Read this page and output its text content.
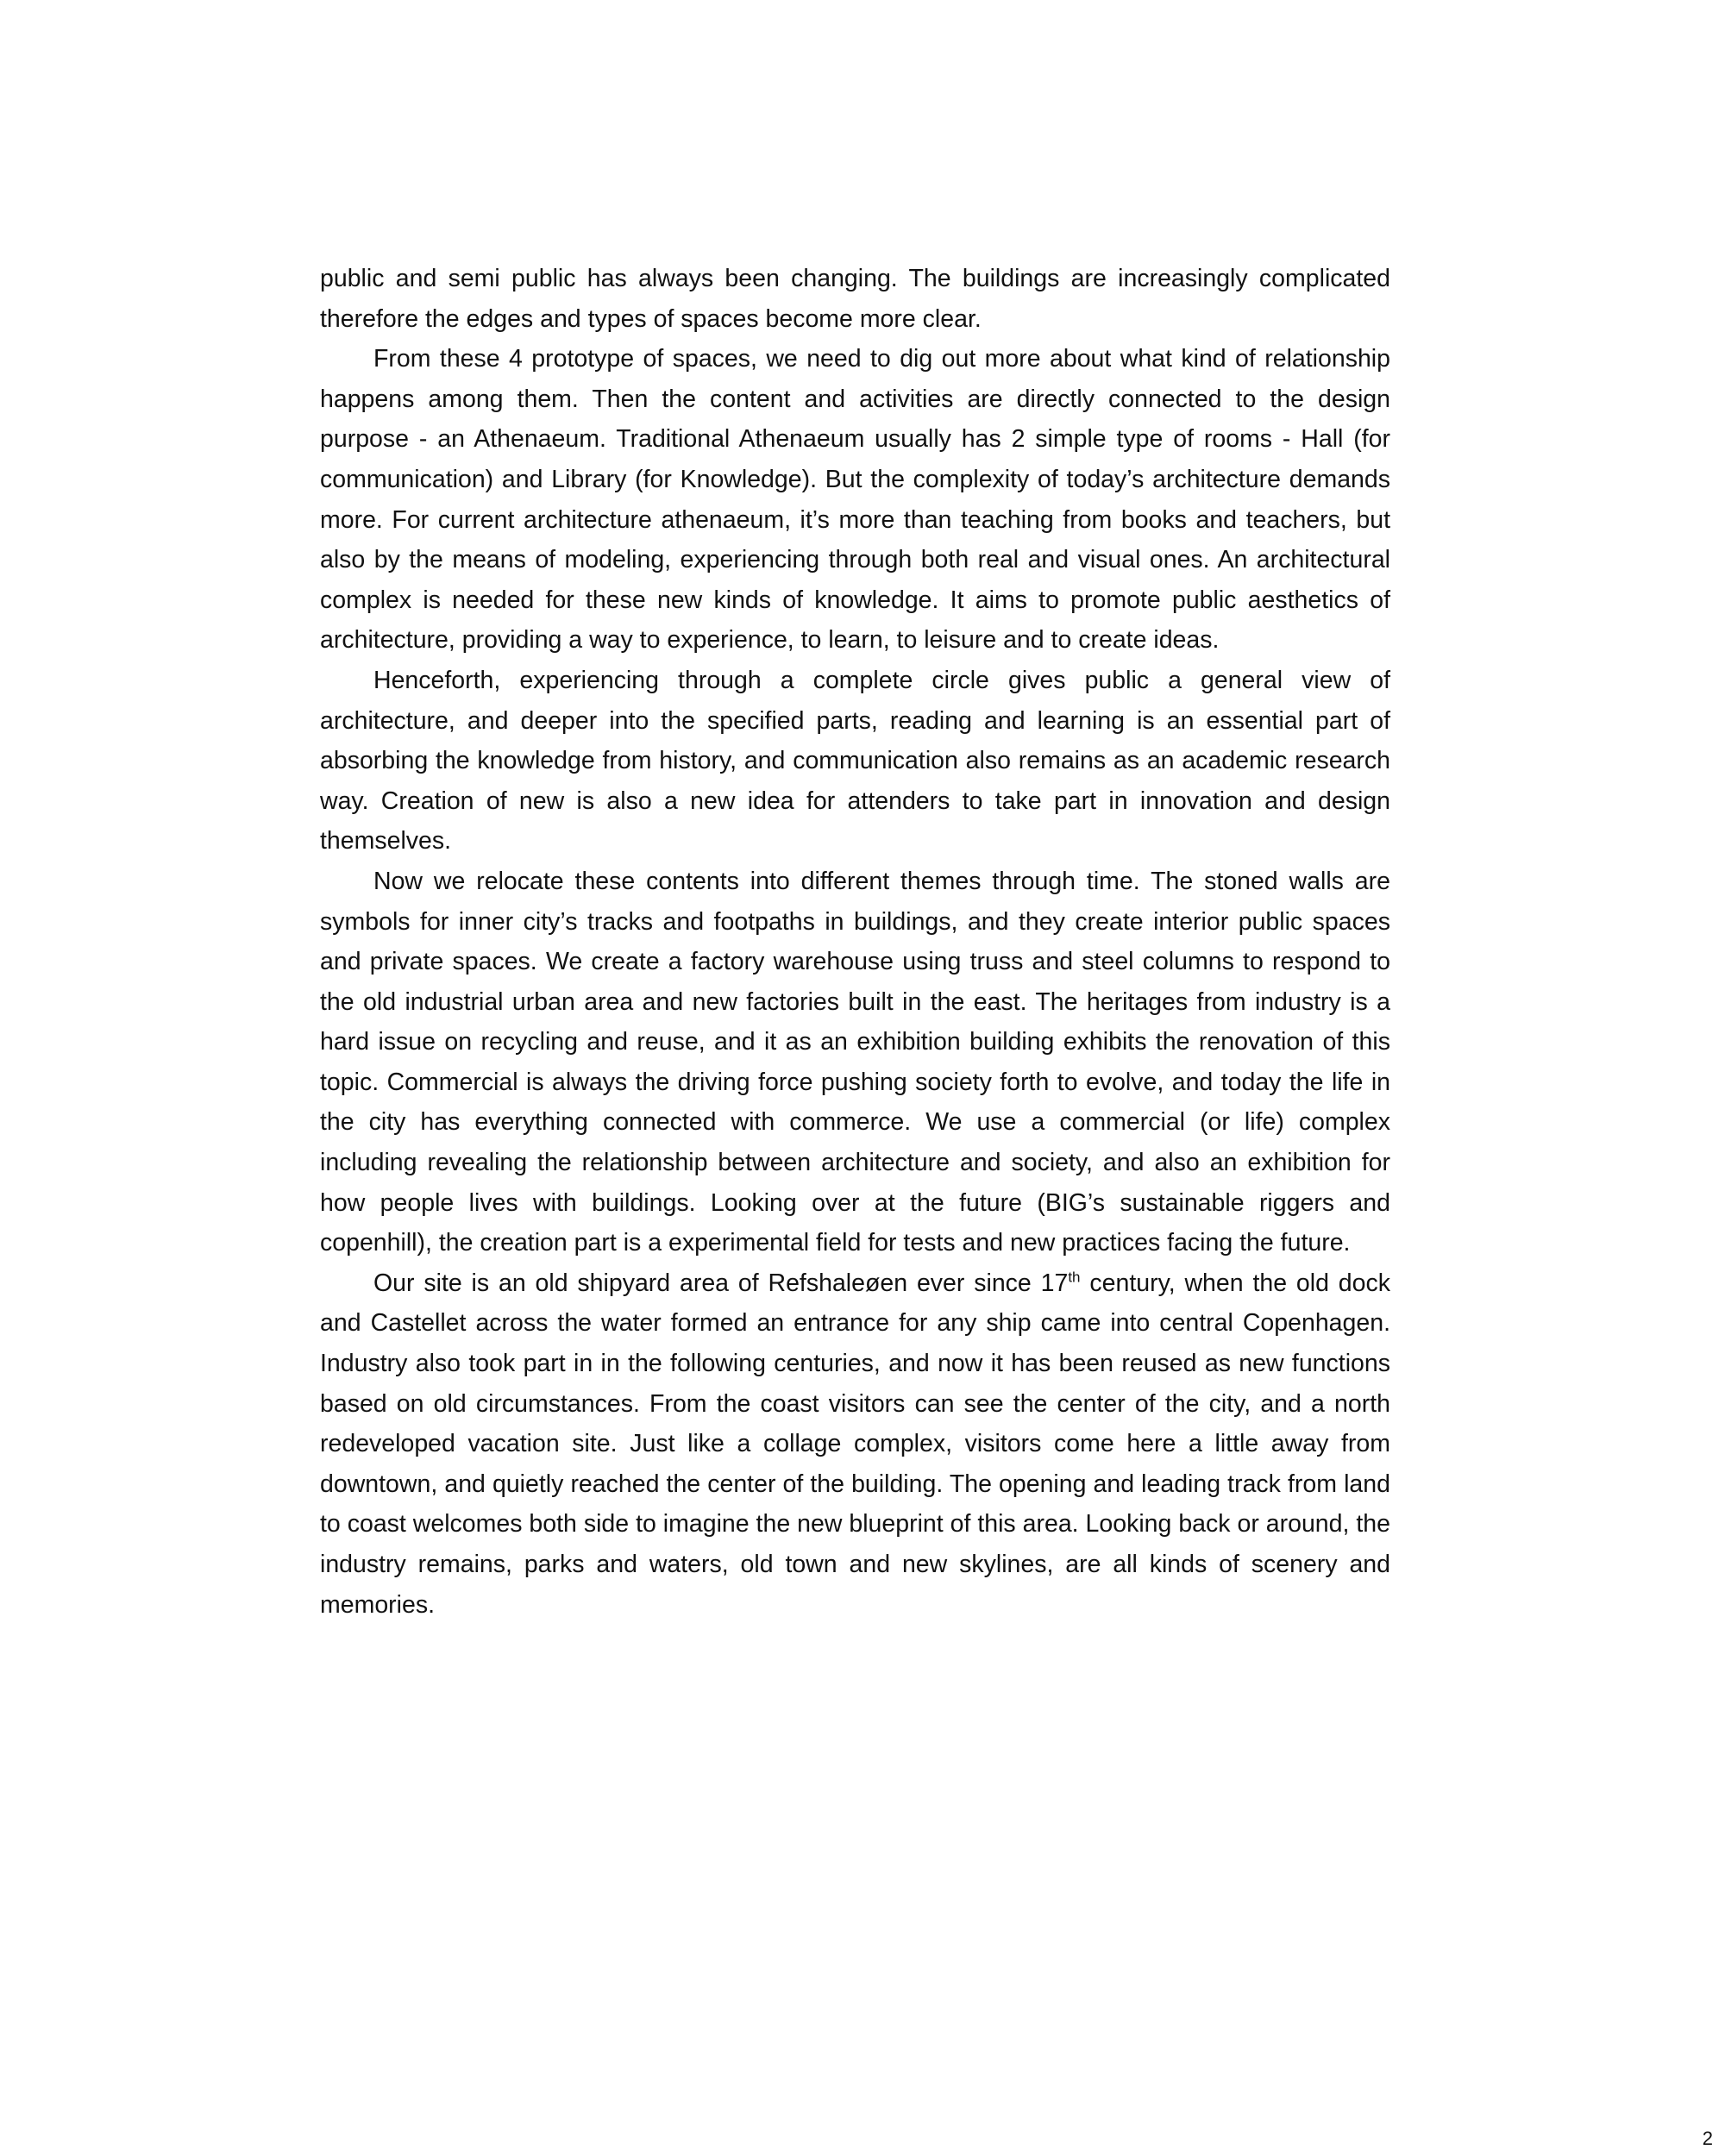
public and semi public has always been changing. The buildings are increasingly complicated therefore the edges and types of spaces become more clear.

From these 4 prototype of spaces, we need to dig out more about what kind of relationship happens among them. Then the content and activities are directly connected to the design purpose - an Athenaeum. Traditional Athenaeum usually has 2 simple type of rooms - Hall (for communication) and Library (for Knowledge). But the complexity of today’s architecture demands more. For current architecture athenaeum, it’s more than teaching from books and teachers, but also by the means of modeling, experiencing through both real and visual ones. An architectural complex is needed for these new kinds of knowledge. It aims to promote public aesthetics of architecture, providing a way to experience, to learn, to leisure and to create ideas.

Henceforth, experiencing through a complete circle gives public a general view of architecture, and deeper into the specified parts, reading and learning is an essential part of absorbing the knowledge from history, and communication also remains as an academic research way. Creation of new is also a new idea for attenders to take part in innovation and design themselves.

Now we relocate these contents into different themes through time. The stoned walls are symbols for inner city’s tracks and footpaths in buildings, and they create interior public spaces and private spaces. We create a factory warehouse using truss and steel columns to respond to the old industrial urban area and new factories built in the east. The heritages from industry is a hard issue on recycling and reuse, and it as an exhibition building exhibits the renovation of this topic. Commercial is always the driving force pushing society forth to evolve, and today the life in the city has everything connected with commerce. We use a commercial (or life) complex including revealing the relationship between architecture and society, and also an exhibition for how people lives with buildings. Looking over at the future (BIG’s sustainable riggers and copenhill), the creation part is a experimental field for tests and new practices facing the future.

Our site is an old shipyard area of Refshaleøen ever since 17th century, when the old dock and Castellet across the water formed an entrance for any ship came into central Copenhagen. Industry also took part in in the following centuries, and now it has been reused as new functions based on old circumstances. From the coast visitors can see the center of the city, and a north redeveloped vacation site. Just like a collage complex, visitors come here a little away from downtown, and quietly reached the center of the building. The opening and leading track from land to coast welcomes both side to imagine the new blueprint of this area. Looking back or around, the industry remains, parks and waters, old town and new skylines, are all kinds of scenery and memories.

2
